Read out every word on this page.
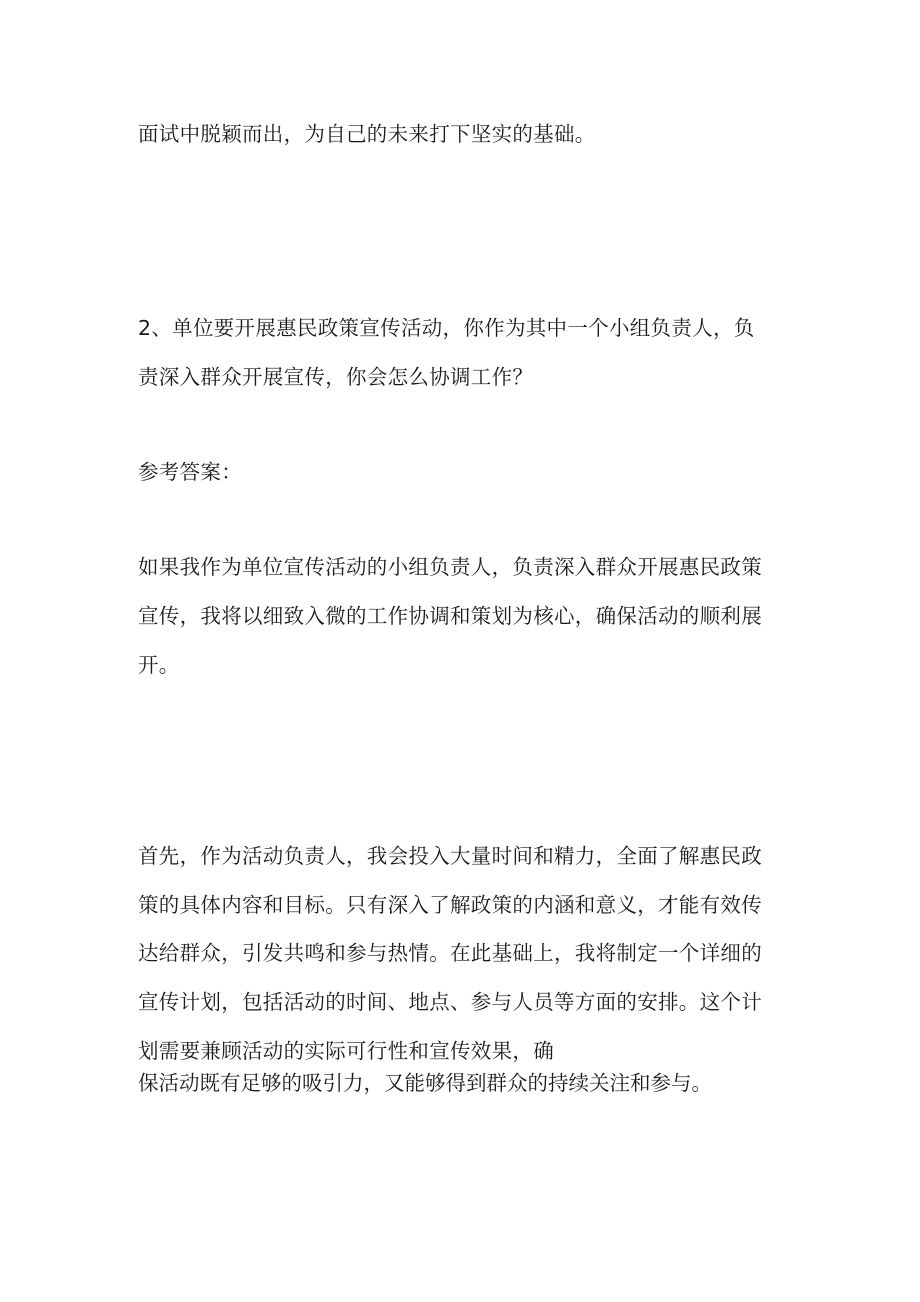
面试中脱颖而出，为自己的未来打下坚实的基础。
2、单位要开展惠民政策宣传活动，你作为其中一个小组负责人，负
责深入群众开展宣传，你会怎么协调工作？
参考答案：
如果我作为单位宣传活动的小组负责人，负责深入群众开展惠民政策
宣传，我将以细致入微的工作协调和策划为核心，确保活动的顺利展
开。
首先，作为活动负责人，我会投入大量时间和精力，全面了解惠民政
策的具体内容和目标。只有深入了解政策的内涵和意义，才能有效传
达给群众，引发共鸣和参与热情。在此基础上，我将制定一个详细的
宣传计划，包括活动的时间、地点、参与人员等方面的安排。这个计
划需要兼顾活动的实际可行性和宣传效果，确
保活动既有足够的吸引力，又能够得到群众的持续关注和参与。
